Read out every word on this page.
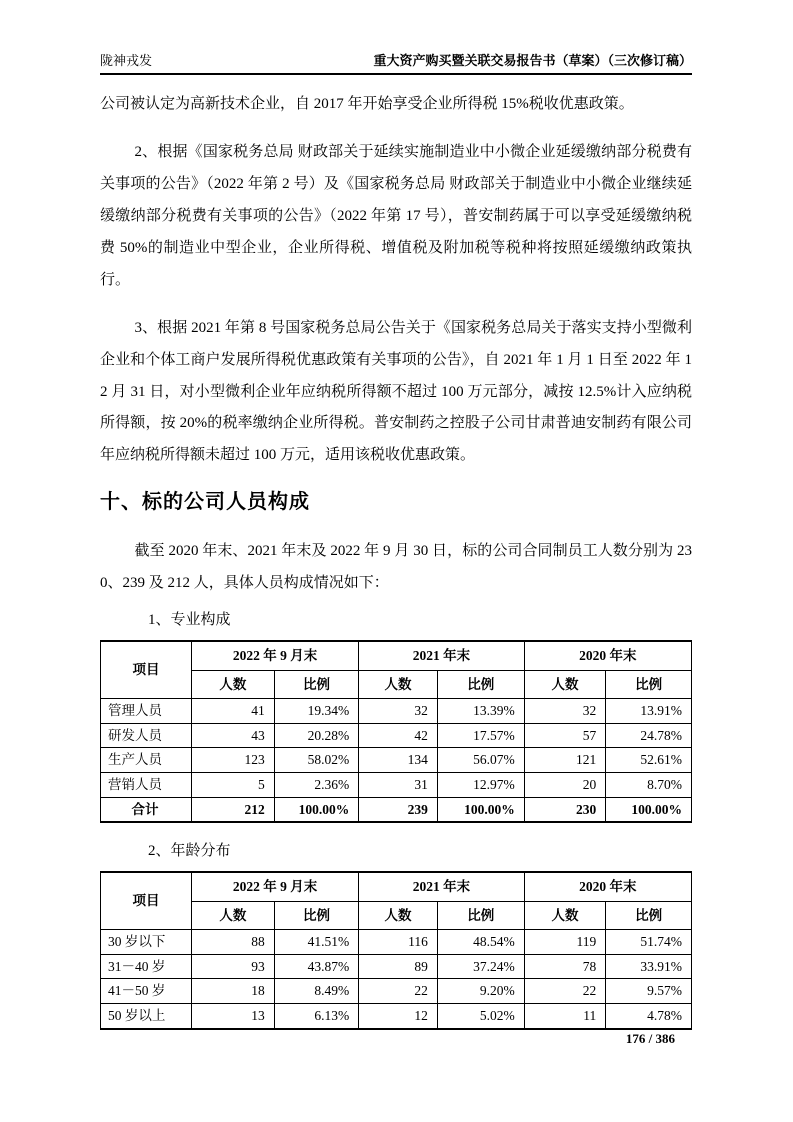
陇神戎发	重大资产购买暨关联交易报告书（草案）（三次修订稿）

公司被认定为高新技术企业，自 2017 年开始享受企业所得税 15%税收优惠政策。

2、根据《国家税务总局 财政部关于延续实施制造业中小微企业延缓缴纳部分税费有关事项的公告》（2022 年第 2 号）及《国家税务总局 财政部关于制造业中小微企业继续延缓缴纳部分税费有关事项的公告》（2022 年第 17 号），普安制药属于可以享受延缓缴纳税费 50%的制造业中型企业，企业所得税、增值税及附加税等税种将按照延缓缴纳政策执行。

3、根据 2021 年第 8 号国家税务总局公告关于《国家税务总局关于落实支持小型微利企业和个体工商户发展所得税优惠政策有关事项的公告》，自 2021 年 1 月 1 日至 2022 年 12 月 31 日，对小型微利企业年应纳税所得额不超过 100 万元部分，减按 12.5%计入应纳税所得额，按 20%的税率缴纳企业所得税。普安制药之控股子公司甘肃普迪安制药有限公司年应纳税所得额未超过 100 万元，适用该税收优惠政策。

十、标的公司人员构成

截至 2020 年末、2021 年末及 2022 年 9 月 30 日，标的公司合同制员工人数分别为 230、239 及 212 人，具体人员构成情况如下：

1、专业构成

项目	2022 年 9 月末		2021 年末		2020 年末	
	人数	比例	人数	比例	人数	比例
管理人员	41	19.34%	32	13.39%	32	13.91%
研发人员	43	20.28%	42	17.57%	57	24.78%
生产人员	123	58.02%	134	56.07%	121	52.61%
营销人员	5	2.36%	31	12.97%	20	8.70%
合计	212	100.00%	239	100.00%	230	100.00%

2、年龄分布

项目	2022 年 9 月末		2021 年末		2020 年末	
	人数	比例	人数	比例	人数	比例
30 岁以下	88	41.51%	116	48.54%	119	51.74%
31－40 岁	93	43.87%	89	37.24%	78	33.91%
41－50 岁	18	8.49%	22	9.20%	22	9.57%
50 岁以上	13	6.13%	12	5.02%	11	4.78%
176 / 386
